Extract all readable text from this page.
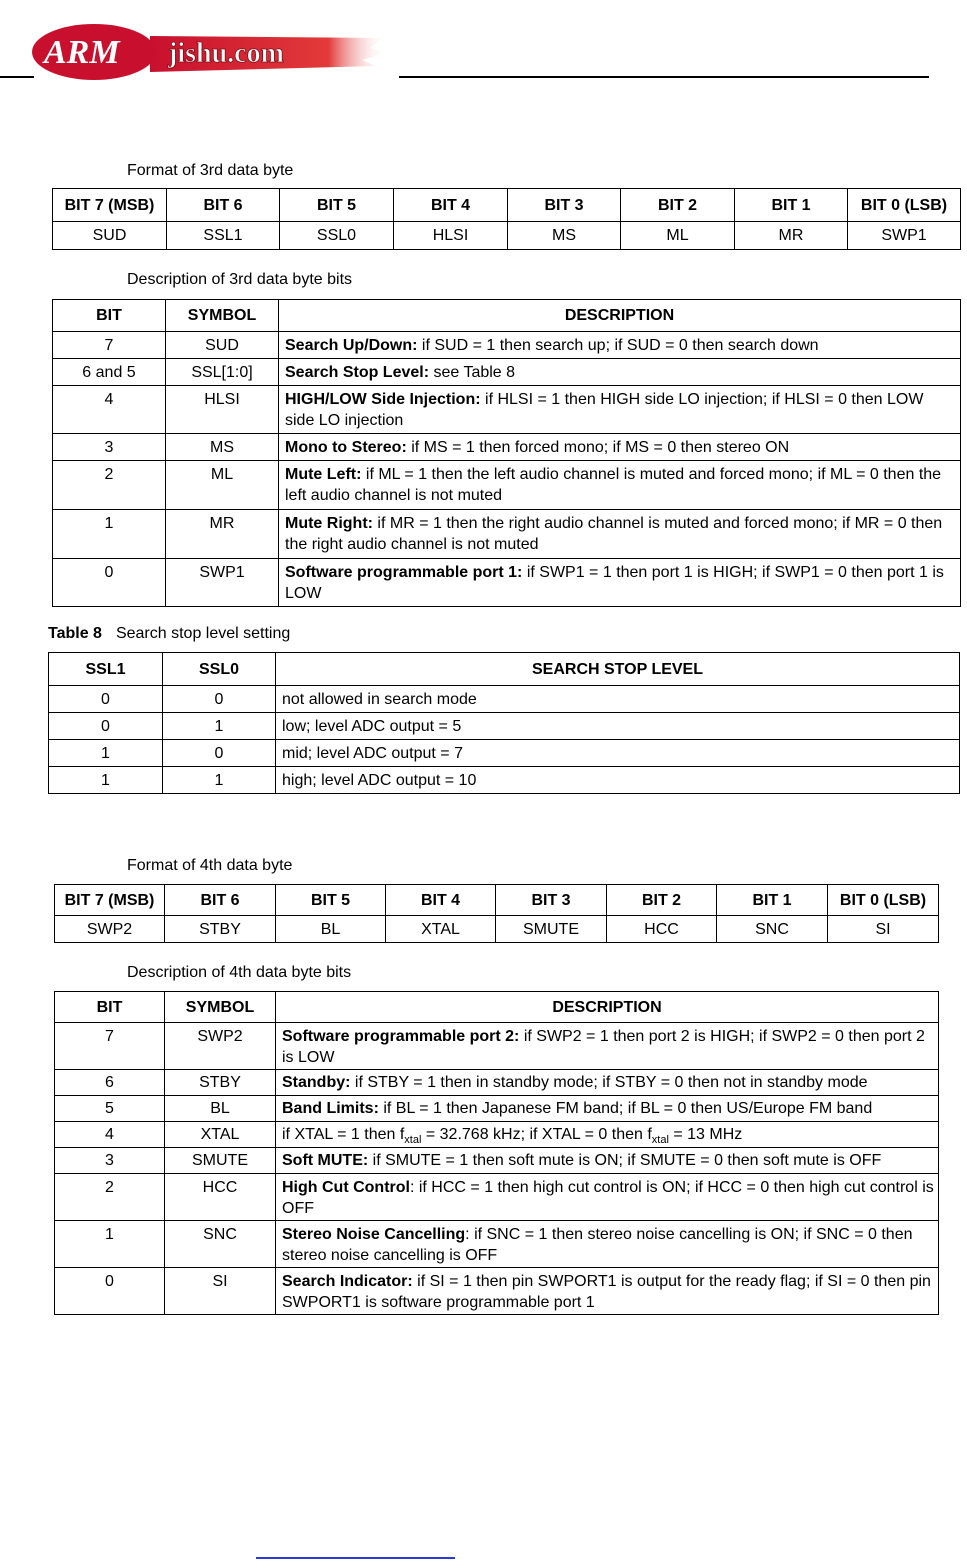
ARM jishu.com
Format of 3rd data byte
BIT 7 (MSB)	BIT 6	BIT 5	BIT 4	BIT 3	BIT 2	BIT 1	BIT 0 (LSB)
SUD	SSL1	SSL0	HLSI	MS	ML	MR	SWP1
Description of 3rd data byte bits
BIT	SYMBOL	DESCRIPTION
7	SUD	Search Up/Down: if SUD = 1 then search up; if SUD = 0 then search down
6 and 5	SSL[1:0]	Search Stop Level: see Table 8
4	HLSI	HIGH/LOW Side Injection: if HLSI = 1 then HIGH side LO injection; if HLSI = 0 then LOW side LO injection
3	MS	Mono to Stereo: if MS = 1 then forced mono; if MS = 0 then stereo ON
2	ML	Mute Left: if ML = 1 then the left audio channel is muted and forced mono; if ML = 0 then the left audio channel is not muted
1	MR	Mute Right: if MR = 1 then the right audio channel is muted and forced mono; if MR = 0 then the right audio channel is not muted
0	SWP1	Software programmable port 1: if SWP1 = 1 then port 1 is HIGH; if SWP1 = 0 then port 1 is LOW
Table 8 Search stop level setting
SSL1	SSL0	SEARCH STOP LEVEL
0	0	not allowed in search mode
0	1	low; level ADC output = 5
1	0	mid; level ADC output = 7
1	1	high; level ADC output = 10
Format of 4th data byte
BIT 7 (MSB)	BIT 6	BIT 5	BIT 4	BIT 3	BIT 2	BIT 1	BIT 0 (LSB)
SWP2	STBY	BL	XTAL	SMUTE	HCC	SNC	SI
Description of 4th data byte bits
BIT	SYMBOL	DESCRIPTION
7	SWP2	Software programmable port 2: if SWP2 = 1 then port 2 is HIGH; if SWP2 = 0 then port 2 is LOW
6	STBY	Standby: if STBY = 1 then in standby mode; if STBY = 0 then not in standby mode
5	BL	Band Limits: if BL = 1 then Japanese FM band; if BL = 0 then US/Europe FM band
4	XTAL	if XTAL = 1 then $f_{xtal} = 32.768$ kHz; if XTAL = 0 then $f_{xtal} = 13$ MHz
3	SMUTE	Soft MUTE: if SMUTE = 1 then soft mute is ON; if SMUTE = 0 then soft mute is OFF
2	HCC	High Cut Control: if HCC = 1 then high cut control is ON; if HCC = 0 then high cut control is OFF
1	SNC	Stereo Noise Cancelling: if SNC = 1 then stereo noise cancelling is ON; if SNC = 0 then stereo noise cancelling is OFF
0	SI	Search Indicator: if SI = 1 then pin SWPORT1 is output for the ready flag; if SI = 0 then pin SWPORT1 is software programmable port 1
